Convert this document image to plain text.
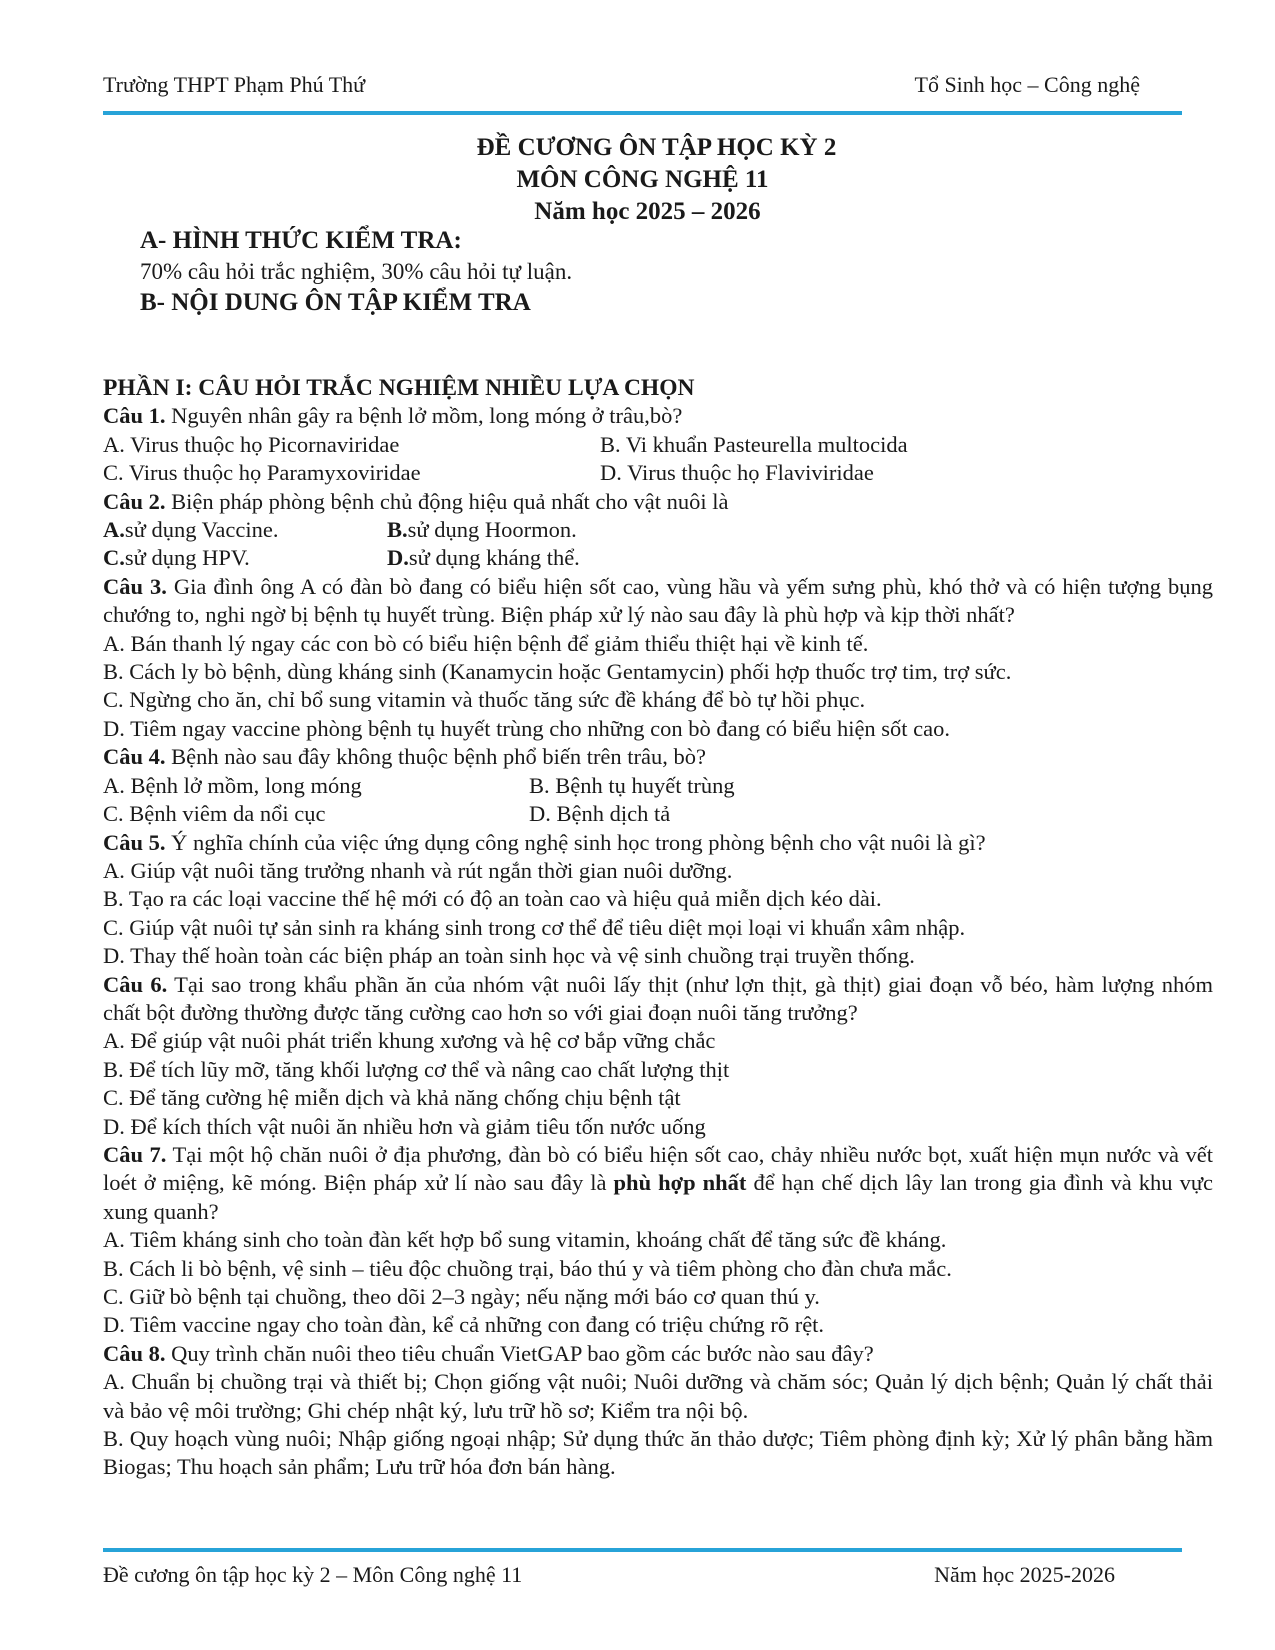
Trường THPT Phạm Phú Thứ	Tổ Sinh học – Công nghệ
ĐỀ CƯƠNG ÔN TẬP HỌC KỲ 2
MÔN CÔNG NGHỆ 11
Năm học 2025 – 2026
A- HÌNH THỨC KIỂM TRA:
70% câu hỏi trắc nghiệm, 30% câu hỏi tự luận.
B- NỘI DUNG ÔN TẬP KIỂM TRA

PHẦN I: CÂU HỎI TRẮC NGHIỆM NHIỀU LỰA CHỌN

Câu 1. Nguyên nhân gây ra bệnh lở mồm, long móng ở trâu,bò?

A. Virus thuộc họ Picornaviridae	B. Vi khuẩn Pasteurella multocida
C. Virus thuộc họ Paramyxoviridae	D. Virus thuộc họ Flaviviridae

Câu 2. Biện pháp phòng bệnh chủ động hiệu quả nhất cho vật nuôi là

A.sử dụng Vaccine.	B.sử dụng Hoormon.
C.sử dụng HPV.	D.sử dụng kháng thể.

Câu 3. Gia đình ông A có đàn bò đang có biểu hiện sốt cao, vùng hầu và yếm sưng phù, khó thở và có hiện tượng bụng chướng to, nghi ngờ bị bệnh tụ huyết trùng. Biện pháp xử lý nào sau đây là phù hợp và kịp thời nhất?

A. Bán thanh lý ngay các con bò có biểu hiện bệnh để giảm thiểu thiệt hại về kinh tế.

B. Cách ly bò bệnh, dùng kháng sinh (Kanamycin hoặc Gentamycin) phối hợp thuốc trợ tim, trợ sức.

C. Ngừng cho ăn, chỉ bổ sung vitamin và thuốc tăng sức đề kháng để bò tự hồi phục.

D. Tiêm ngay vaccine phòng bệnh tụ huyết trùng cho những con bò đang có biểu hiện sốt cao.

Câu 4. Bệnh nào sau đây không thuộc bệnh phổ biến trên trâu, bò?

A. Bệnh lở mồm, long móng	B. Bệnh tụ huyết trùng
C. Bệnh viêm da nổi cục	D. Bệnh dịch tả

Câu 5. Ý nghĩa chính của việc ứng dụng công nghệ sinh học trong phòng bệnh cho vật nuôi là gì?

A. Giúp vật nuôi tăng trưởng nhanh và rút ngắn thời gian nuôi dưỡng.

B. Tạo ra các loại vaccine thế hệ mới có độ an toàn cao và hiệu quả miễn dịch kéo dài.

C. Giúp vật nuôi tự sản sinh ra kháng sinh trong cơ thể để tiêu diệt mọi loại vi khuẩn xâm nhập.

D. Thay thế hoàn toàn các biện pháp an toàn sinh học và vệ sinh chuồng trại truyền thống.

Câu 6. Tại sao trong khẩu phần ăn của nhóm vật nuôi lấy thịt (như lợn thịt, gà thịt) giai đoạn vỗ béo, hàm lượng nhóm chất bột đường thường được tăng cường cao hơn so với giai đoạn nuôi tăng trưởng?

A. Để giúp vật nuôi phát triển khung xương và hệ cơ bắp vững chắc

B. Để tích lũy mỡ, tăng khối lượng cơ thể và nâng cao chất lượng thịt

C. Để tăng cường hệ miễn dịch và khả năng chống chịu bệnh tật

D. Để kích thích vật nuôi ăn nhiều hơn và giảm tiêu tốn nước uống

Câu 7. Tại một hộ chăn nuôi ở địa phương, đàn bò có biểu hiện sốt cao, chảy nhiều nước bọt, xuất hiện mụn nước và vết loét ở miệng, kẽ móng. Biện pháp xử lí nào sau đây là phù hợp nhất để hạn chế dịch lây lan trong gia đình và khu vực xung quanh?

A. Tiêm kháng sinh cho toàn đàn kết hợp bổ sung vitamin, khoáng chất để tăng sức đề kháng.

B. Cách li bò bệnh, vệ sinh – tiêu độc chuồng trại, báo thú y và tiêm phòng cho đàn chưa mắc.

C. Giữ bò bệnh tại chuồng, theo dõi 2–3 ngày; nếu nặng mới báo cơ quan thú y.

D. Tiêm vaccine ngay cho toàn đàn, kể cả những con đang có triệu chứng rõ rệt.

Câu 8. Quy trình chăn nuôi theo tiêu chuẩn VietGAP bao gồm các bước nào sau đây?

A. Chuẩn bị chuồng trại và thiết bị; Chọn giống vật nuôi; Nuôi dưỡng và chăm sóc; Quản lý dịch bệnh; Quản lý chất thải và bảo vệ môi trường; Ghi chép nhật ký, lưu trữ hồ sơ; Kiểm tra nội bộ.

B. Quy hoạch vùng nuôi; Nhập giống ngoại nhập; Sử dụng thức ăn thảo dược; Tiêm phòng định kỳ; Xử lý phân bằng hầm Biogas; Thu hoạch sản phẩm; Lưu trữ hóa đơn bán hàng.

Đề cương ôn tập học kỳ 2 – Môn Công nghệ 11	Năm học 2025-2026
